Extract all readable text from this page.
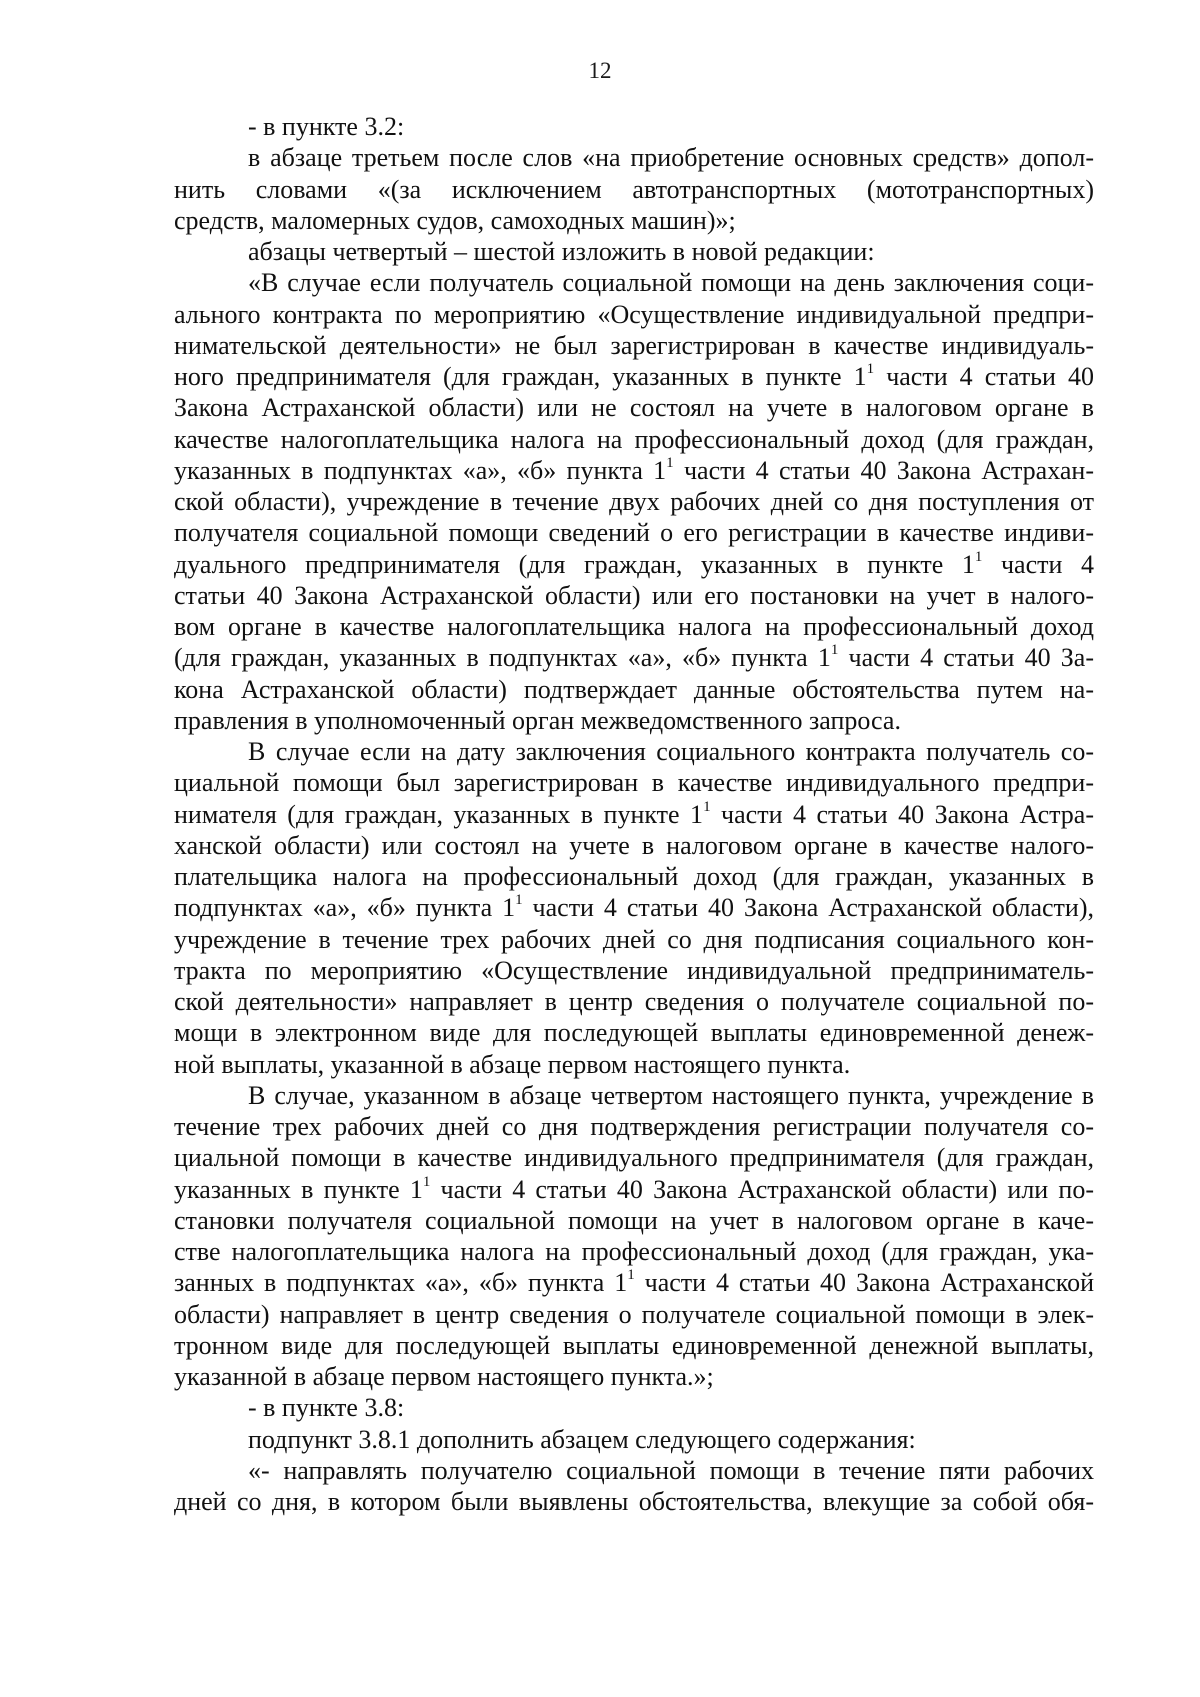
12
- в пункте 3.2:
в абзаце третьем после слов «на приобретение основных средств» допол-
нить словами «(за исключением автотранспортных (мототранспортных)
средств, маломерных судов, самоходных машин)»;
абзацы четвертый – шестой изложить в новой редакции:
«В случае если получатель социальной помощи на день заключения соци-
ального контракта по мероприятию «Осуществление индивидуальной предпри-
нимательской деятельности» не был зарегистрирован в качестве индивидуаль-
ного предпринимателя (для граждан, указанных в пункте $1^1$ части 4 статьи 40
Закона Астраханской области) или не состоял на учете в налоговом органе в
качестве налогоплательщика налога на профессиональный доход (для граждан,
указанных в подпунктах «а», «б» пункта $1^1$ части 4 статьи 40 Закона Астрахан-
ской области), учреждение в течение двух рабочих дней со дня поступления от
получателя социальной помощи сведений о его регистрации в качестве индиви-
дуального предпринимателя (для граждан, указанных в пункте $1^1$ части 4
статьи 40 Закона Астраханской области) или его постановки на учет в налого-
вом органе в качестве налогоплательщика налога на профессиональный доход
(для граждан, указанных в подпунктах «а», «б» пункта $1^1$ части 4 статьи 40 За-
кона Астраханской области) подтверждает данные обстоятельства путем на-
правления в уполномоченный орган межведомственного запроса.
В случае если на дату заключения социального контракта получатель со-
циальной помощи был зарегистрирован в качестве индивидуального предпри-
нимателя (для граждан, указанных в пункте $1^1$ части 4 статьи 40 Закона Астра-
ханской области) или состоял на учете в налоговом органе в качестве налого-
плательщика налога на профессиональный доход (для граждан, указанных в
подпунктах «а», «б» пункта $1^1$ части 4 статьи 40 Закона Астраханской области),
учреждение в течение трех рабочих дней со дня подписания социального кон-
тракта по мероприятию «Осуществление индивидуальной предприниматель-
ской деятельности» направляет в центр сведения о получателе социальной по-
мощи в электронном виде для последующей выплаты единовременной денеж-
ной выплаты, указанной в абзаце первом настоящего пункта.
В случае, указанном в абзаце четвертом настоящего пункта, учреждение в
течение трех рабочих дней со дня подтверждения регистрации получателя со-
циальной помощи в качестве индивидуального предпринимателя (для граждан,
указанных в пункте $1^1$ части 4 статьи 40 Закона Астраханской области) или по-
становки получателя социальной помощи на учет в налоговом органе в каче-
стве налогоплательщика налога на профессиональный доход (для граждан, ука-
занных в подпунктах «а», «б» пункта $1^1$ части 4 статьи 40 Закона Астраханской
области) направляет в центр сведения о получателе социальной помощи в элек-
тронном виде для последующей выплаты единовременной денежной выплаты,
указанной в абзаце первом настоящего пункта.»;
- в пункте 3.8:
подпункт 3.8.1 дополнить абзацем следующего содержания:
«- направлять получателю социальной помощи в течение пяти рабочих
дней со дня, в котором были выявлены обстоятельства, влекущие за собой обя-
